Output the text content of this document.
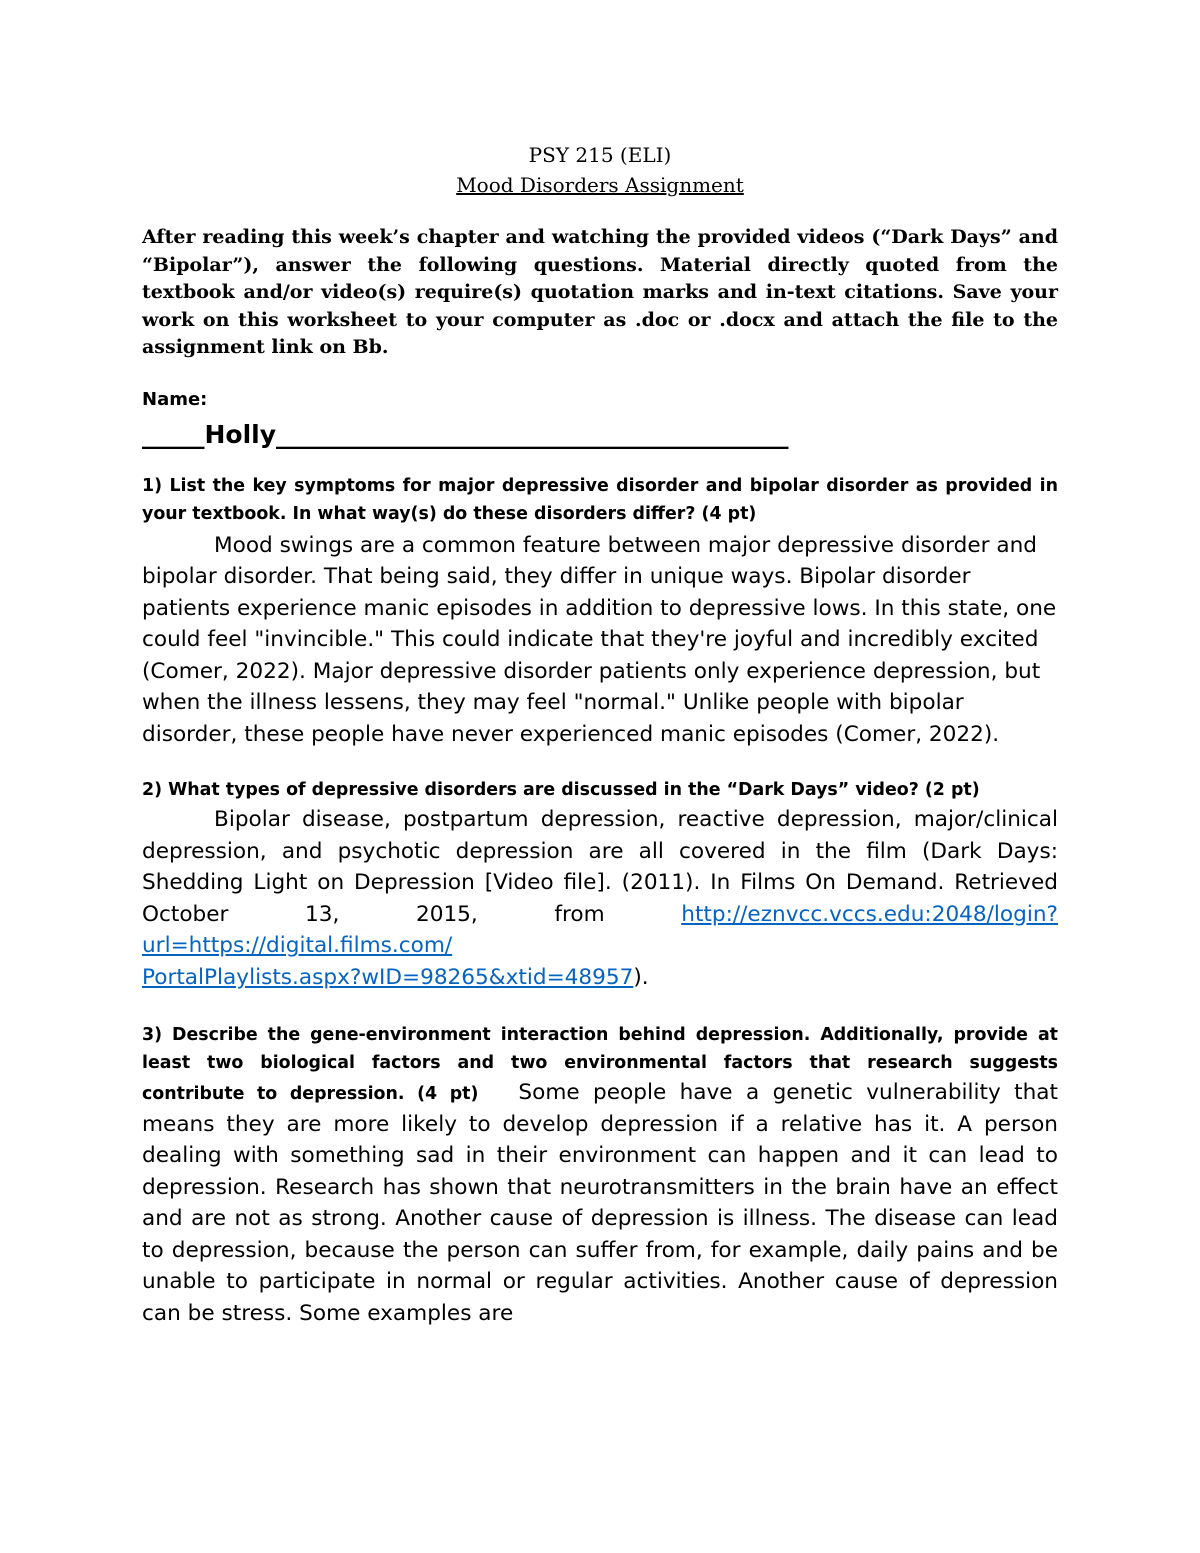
PSY 215 (ELI)
Mood Disorders Assignment
After reading this week’s chapter and watching the provided videos (“Dark Days” and “Bipolar”), answer the following questions. Material directly quoted from the textbook and/or video(s) require(s) quotation marks and in-text citations. Save your work on this worksheet to your computer as .doc or .docx and attach the file to the assignment link on Bb.
Name:
_____Holly_________________________________________
1) List the key symptoms for major depressive disorder and bipolar disorder as provided in your textbook. In what way(s) do these disorders differ? (4 pt)
Mood swings are a common feature between major depressive disorder and bipolar disorder. That being said, they differ in unique ways. Bipolar disorder patients experience manic episodes in addition to depressive lows. In this state, one could feel "invincible." This could indicate that they're joyful and incredibly excited (Comer, 2022). Major depressive disorder patients only experience depression, but when the illness lessens, they may feel "normal." Unlike people with bipolar disorder, these people have never experienced manic episodes (Comer, 2022).
2) What types of depressive disorders are discussed in the “Dark Days” video? (2 pt)
Bipolar disease, postpartum depression, reactive depression, major/clinical depression, and psychotic depression are all covered in the film (Dark Days: Shedding Light on Depression [Video file]. (2011). In Films On Demand. Retrieved October 13, 2015, from http://eznvcc.vccs.edu:2048/login?url=https://digital.films.com/
PortalPlaylists.aspx?wID=98265&xtid=48957).
3) Describe the gene-environment interaction behind depression. Additionally, provide at least two biological factors and two environmental factors that research suggests contribute to depression. (4 pt) Some people have a genetic vulnerability that means they are more likely to develop depression if a relative has it. A person dealing with something sad in their environment can happen and it can lead to depression. Research has shown that neurotransmitters in the brain have an effect and are not as strong. Another cause of depression is illness. The disease can lead to depression, because the person can suffer from, for example, daily pains and be unable to participate in normal or regular activities. Another cause of depression can be stress. Some examples are
